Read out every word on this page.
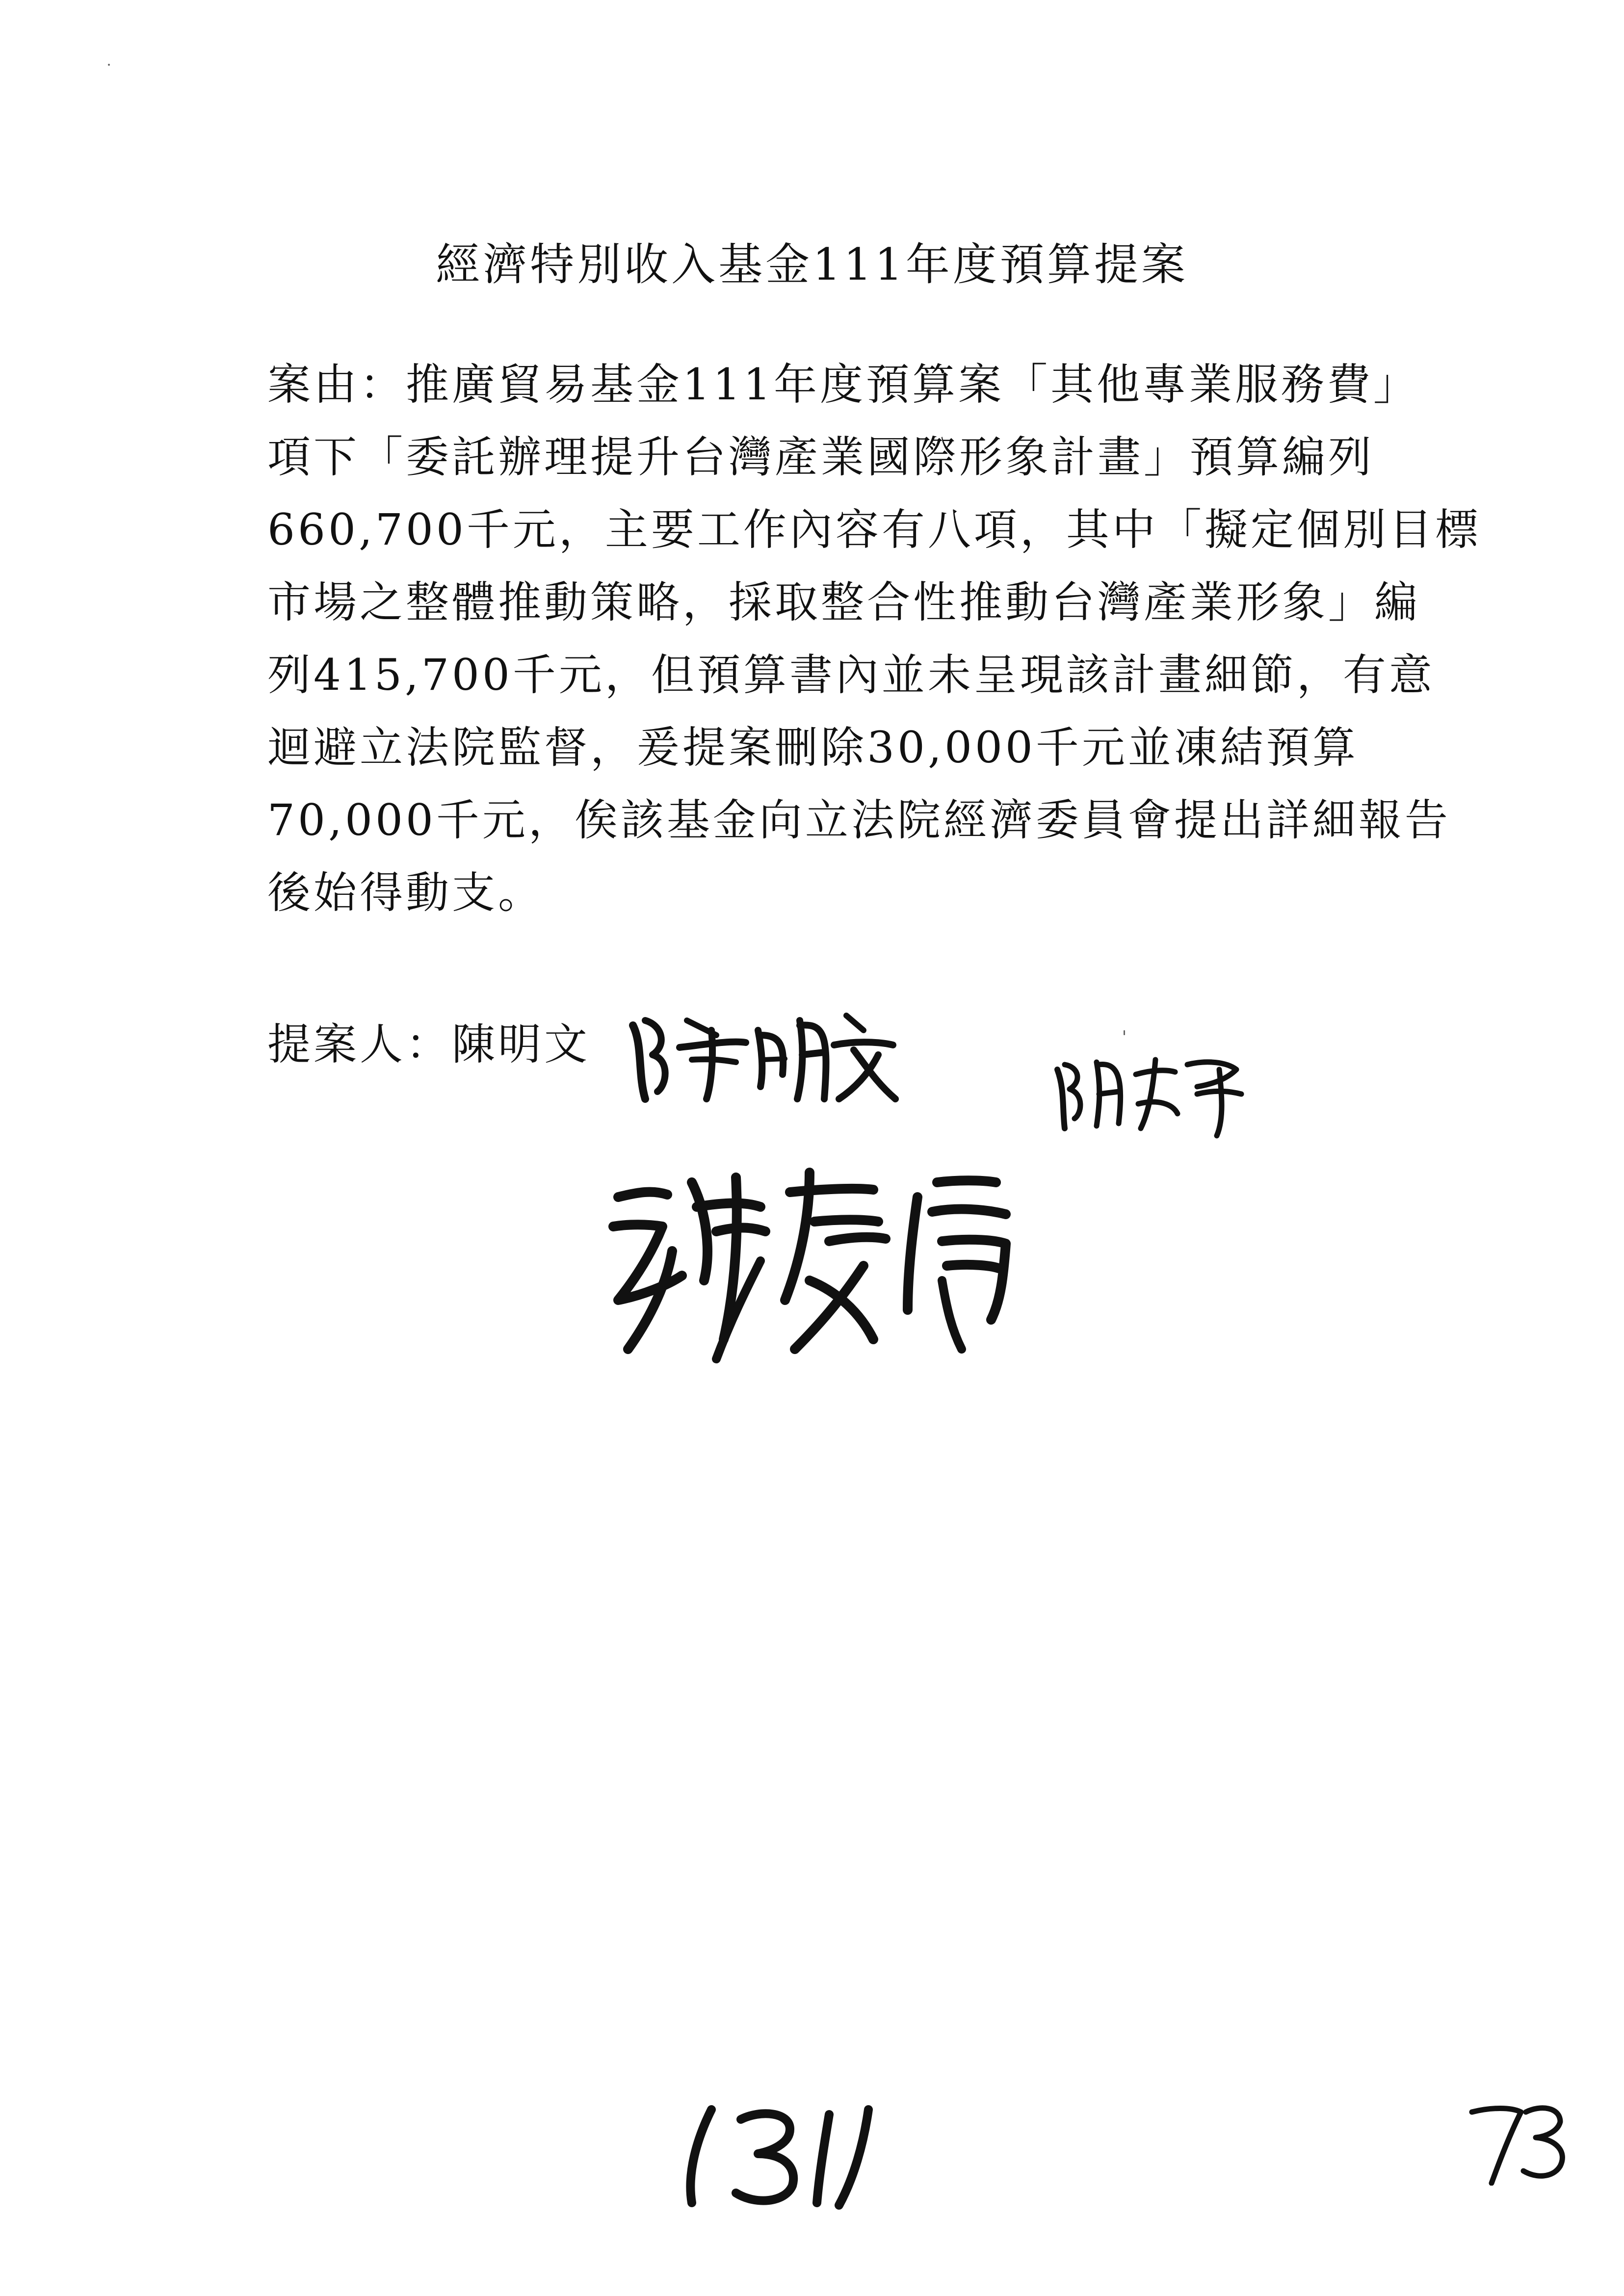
經濟特別收入基金111年度預算提案
案由：推廣貿易基金111年度預算案「其他專業服務費」
項下「委託辦理提升台灣產業國際形象計畫」預算編列
660,700千元，主要工作內容有八項，其中「擬定個別目標
市場之整體推動策略，採取整合性推動台灣產業形象」編
列415,700千元，但預算書內並未呈現該計畫細節，有意
迴避立法院監督，爰提案刪除30,000千元並凍結預算
70,000千元，俟該基金向立法院經濟委員會提出詳細報告
後始得動支。
提案人：陳明文
